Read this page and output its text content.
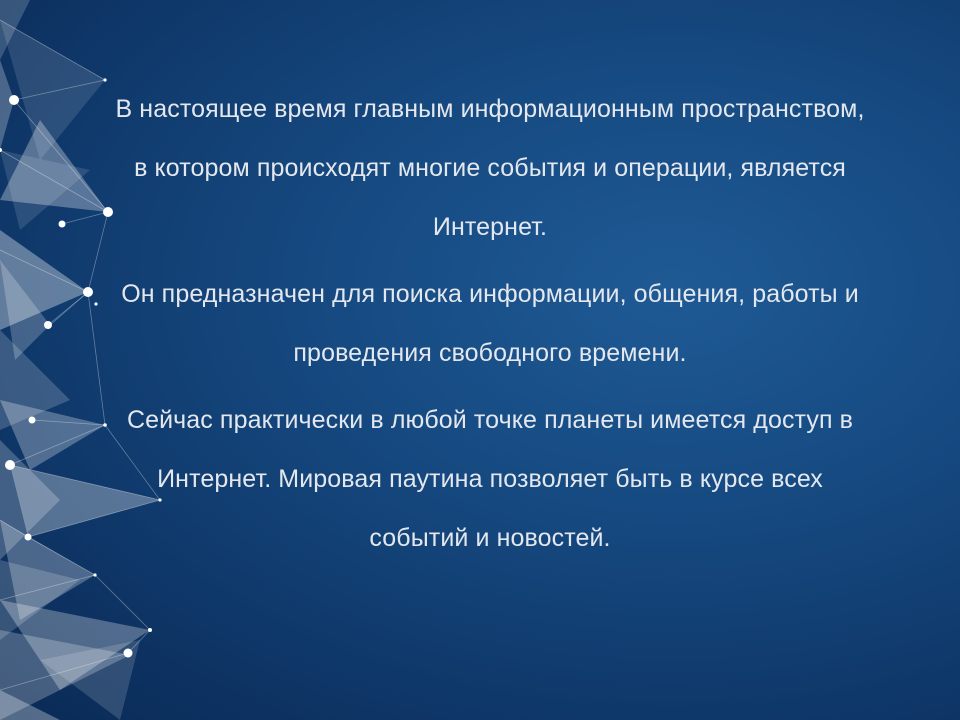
В настоящее время главным информационным пространством, в котором происходят многие события и операции, является Интернет.

Он предназначен для поиска информации, общения, работы и проведения свободного времени.

Сейчас практически в любой точке планеты имеется доступ в Интернет. Мировая паутина позволяет быть в курсе всех событий и новостей.
